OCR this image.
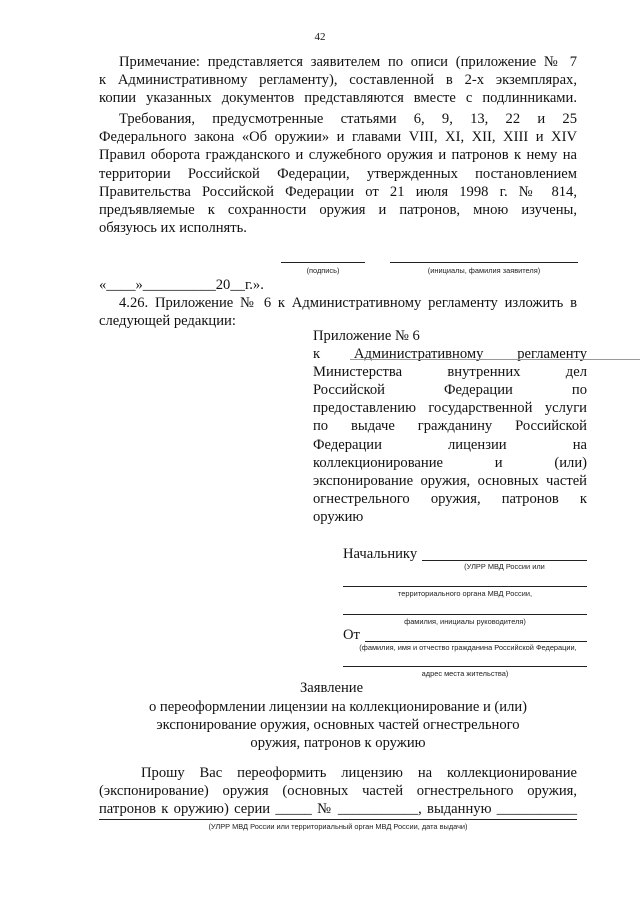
42
Примечание: представляется заявителем по описи (приложение № 7
к Административному регламенту), составленной в 2-х экземплярах,
копии указанных документов представляются вместе с подлинниками.
Требования, предусмотренные статьями 6, 9, 13, 22 и 25
Федерального закона «Об оружии» и главами VIII, XI, XII, XIII и XIV
Правил оборота гражданского и служебного оружия и патронов к нему на
территории Российской Федерации, утвержденных постановлением
Правительства Российской Федерации от 21 июля 1998 г. № 814,
предъявляемые к сохранности оружия и патронов, мною изучены,
обязуюсь их исполнять.
(подпись)	(инициалы, фамилия заявителя)
«____»__________20__г.».
4.26. Приложение № 6 к Административному регламенту изложить в
следующей редакции:
Приложение № 6
к Административному регламенту
Министерства внутренних дел
Российской Федерации по
предоставлению государственной услуги
по выдаче гражданину Российской
Федерации лицензии на
коллекционирование и (или)
экспонирование оружия, основных частей
огнестрельного оружия, патронов к
оружию
Начальнику
(УЛРР МВД России или
территориального органа МВД России,
фамилия, инициалы руководителя)
От
(фамилия, имя и отчество гражданина Российской Федерации,
адрес места жительства)
Заявление
о переоформлении лицензии на коллекционирование и (или)
экспонирование оружия, основных частей огнестрельного
оружия, патронов к оружию
Прошу Вас переоформить лицензию на коллекционирование
(экспонирование) оружия (основных частей огнестрельного оружия,
патронов к оружию) серии _____ № ___________, выданную ___________
(УЛРР МВД России или территориальный орган МВД России, дата выдачи)
